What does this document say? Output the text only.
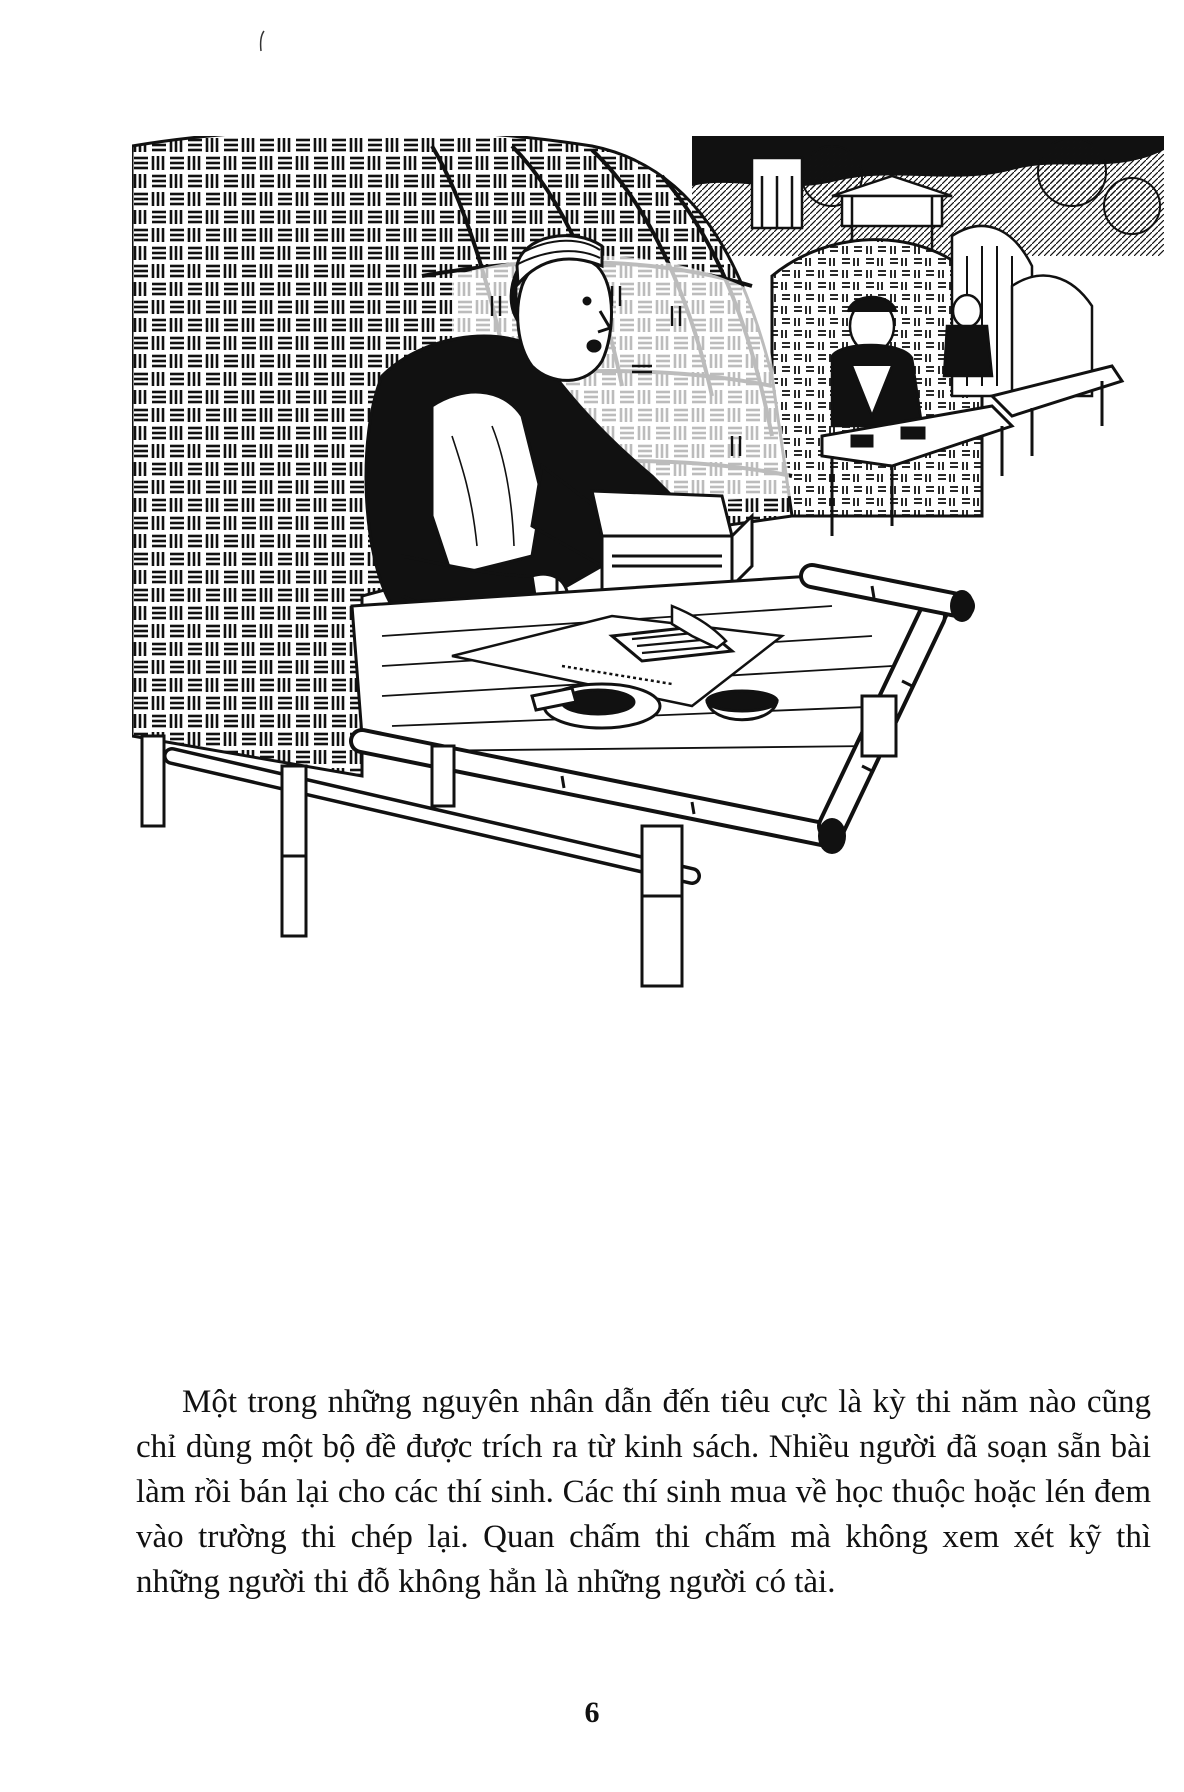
Một trong những nguyên nhân dẫn đến tiêu cực là kỳ thi năm nào cũng chỉ dùng một bộ đề được trích ra từ kinh sách. Nhiều người đã soạn sẵn bài làm rồi bán lại cho các thí sinh. Các thí sinh mua về học thuộc hoặc lén đem vào trường thi chép lại. Quan chấm thi chấm mà không xem xét kỹ thì những người thi đỗ không hẳn là những người có tài.

6
